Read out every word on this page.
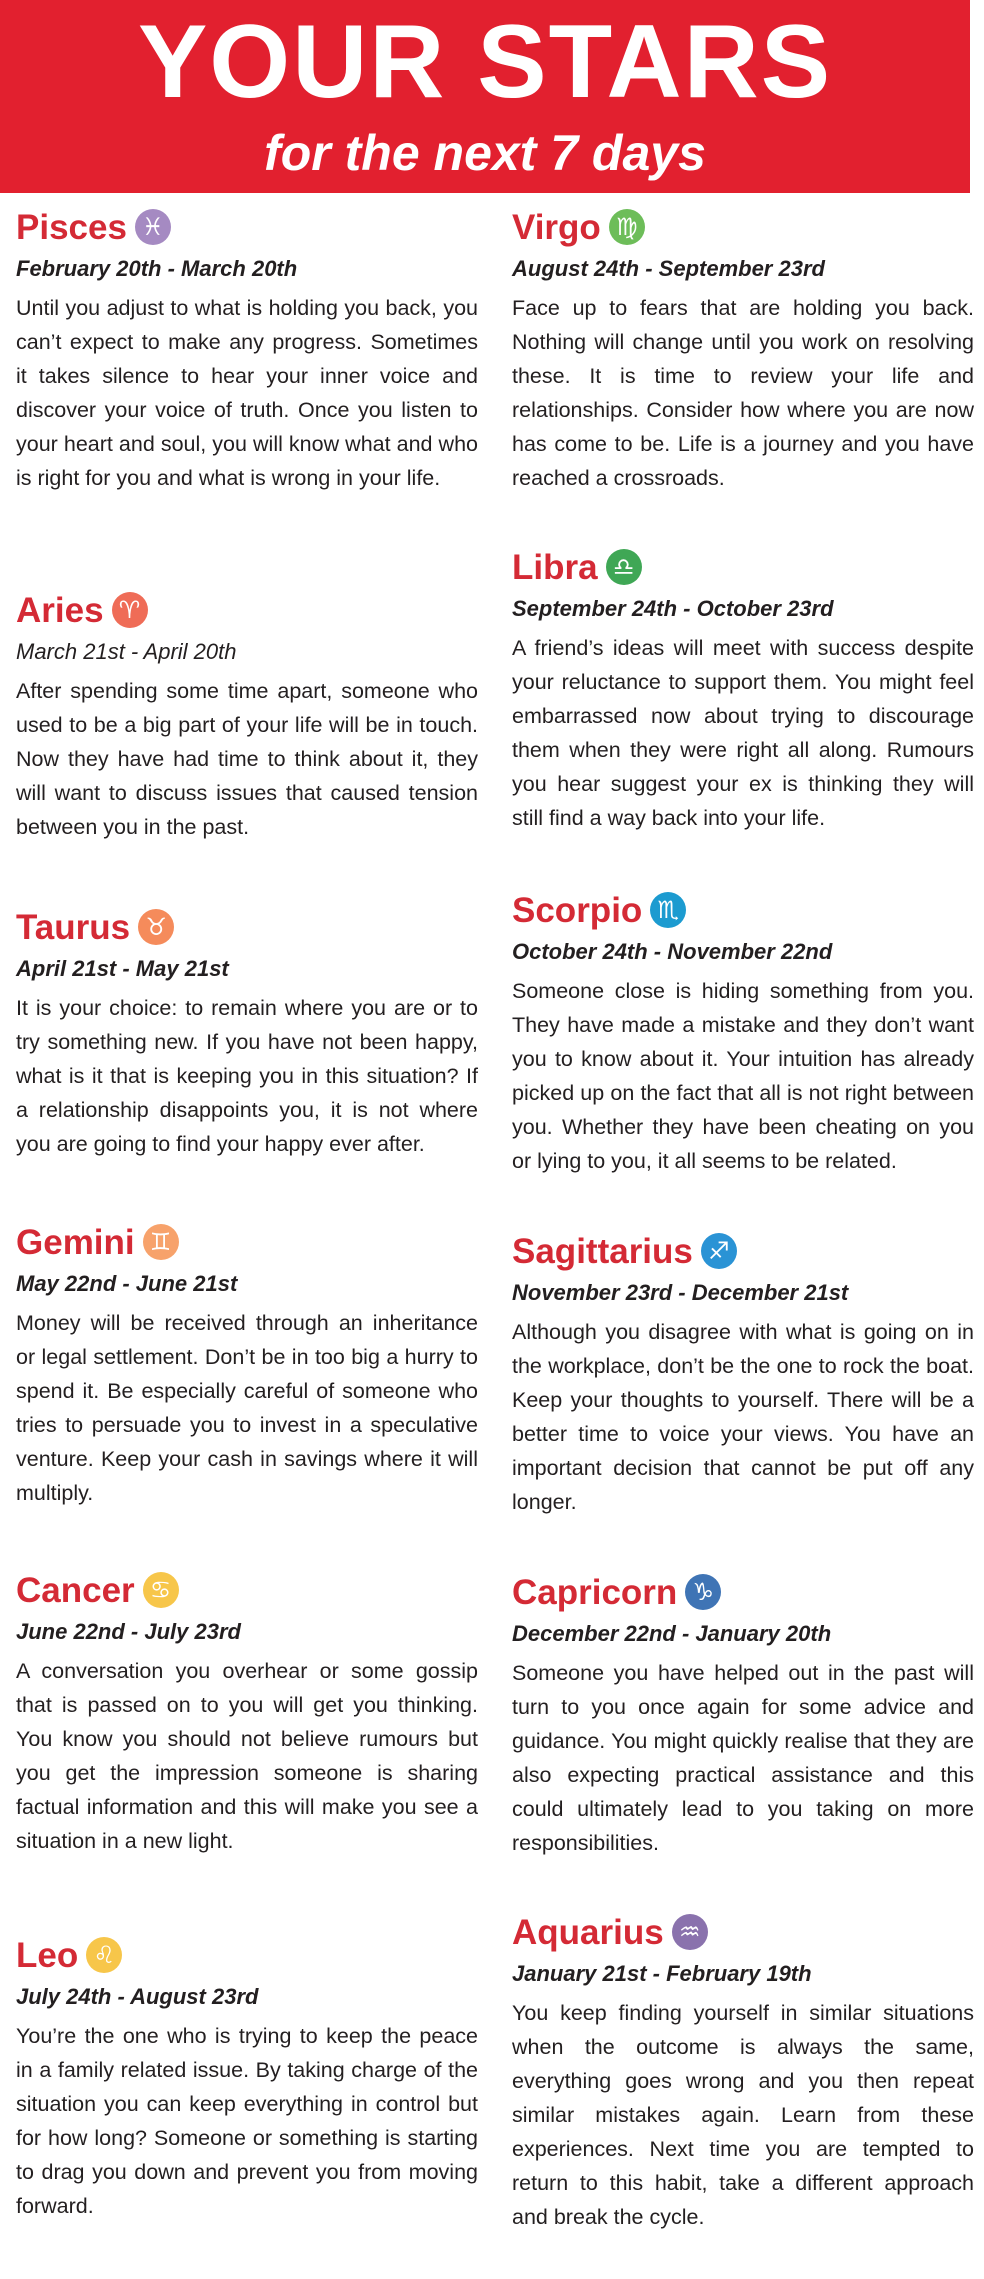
YOUR STARS
for the next 7 days
Pisces ♓
February 20th - March 20th
Until you adjust to what is holding you back, you can’t expect to make any progress. Sometimes it takes silence to hear your inner voice and discover your voice of truth. Once you listen to your heart and soul, you will know what and who is right for you and what is wrong in your life.
Aries ♈
March 21st - April 20th
After spending some time apart, someone who used to be a big part of your life will be in touch. Now they have had time to think about it, they will want to discuss issues that caused tension between you in the past.
Taurus ♉
April 21st - May 21st
It is your choice: to remain where you are or to try something new. If you have not been happy, what is it that is keeping you in this situation? If a relationship disappoints you, it is not where you are going to find your happy ever after.
Gemini ♊
May 22nd - June 21st
Money will be received through an inheritance or legal settlement. Don’t be in too big a hurry to spend it. Be especially careful of someone who tries to persuade you to invest in a speculative venture. Keep your cash in savings where it will multiply.
Cancer ♋
June 22nd - July 23rd
A conversation you overhear or some gossip that is passed on to you will get you thinking. You know you should not believe rumours but you get the impression someone is sharing factual information and this will make you see a situation in a new light.
Leo ♌
July 24th - August 23rd
You’re the one who is trying to keep the peace in a family related issue. By taking charge of the situation you can keep everything in control but for how long? Someone or something is starting to drag you down and prevent you from moving forward.
Virgo ♍
August 24th - September 23rd
Face up to fears that are holding you back. Nothing will change until you work on resolving these. It is time to review your life and relationships. Consider how where you are now has come to be. Life is a journey and you have reached a crossroads.
Libra ♎
September 24th - October 23rd
A friend’s ideas will meet with success despite your reluctance to support them. You might feel embarrassed now about trying to discourage them when they were right all along. Rumours you hear suggest your ex is thinking they will still find a way back into your life.
Scorpio ♏
October 24th - November 22nd
Someone close is hiding something from you. They have made a mistake and they don’t want you to know about it. Your intuition has already picked up on the fact that all is not right between you. Whether they have been cheating on you or lying to you, it all seems to be related.
Sagittarius ♐
November 23rd - December 21st
Although you disagree with what is going on in the workplace, don’t be the one to rock the boat. Keep your thoughts to yourself. There will be a better time to voice your views. You have an important decision that cannot be put off any longer.
Capricorn ♑
December 22nd - January 20th
Someone you have helped out in the past will turn to you once again for some advice and guidance. You might quickly realise that they are also expecting practical assistance and this could ultimately lead to you taking on more responsibilities.
Aquarius ♒
January 21st - February 19th
You keep finding yourself in similar situations when the outcome is always the same, everything goes wrong and you then repeat similar mistakes again. Learn from these experiences. Next time you are tempted to return to this habit, take a different approach and break the cycle.
